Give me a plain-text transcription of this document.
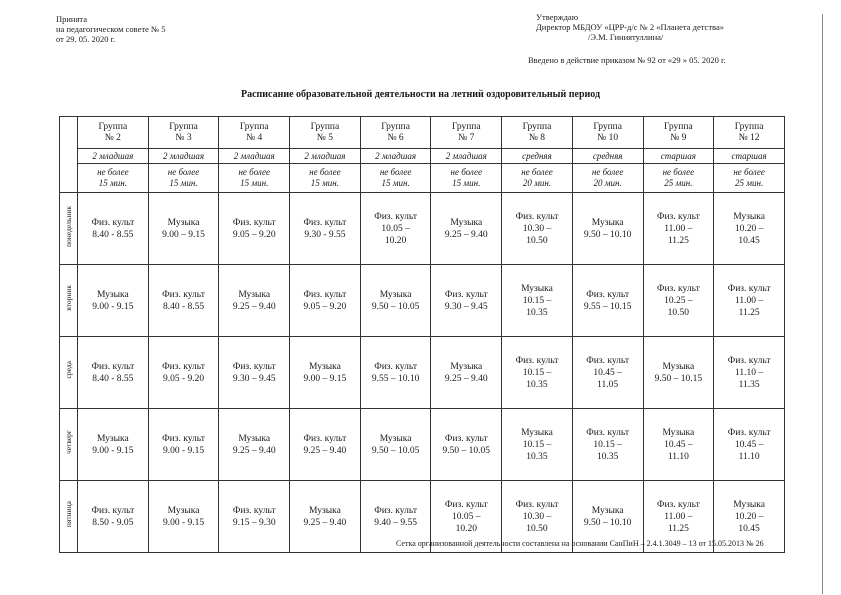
Принята
на педагогическом совете № 5
от 29. 05. 2020 г.
Утверждаю
Директор МБДОУ «ЦРР-д/с № 2 «Планета детства»
/Э.М. Гиниятуллина/
Введено в действие приказом № 92 от «29 » 05. 2020 г.
Расписание образовательной деятельности на летний оздоровительный период

	Группа
№ 2	Группа
№ 3	Группа
№ 4	Группа
№ 5	Группа
№ 6	Группа
№ 7	Группа
№ 8	Группа
№ 10	Группа
№ 9	Группа
№ 12

	2 младшая	2 младшая	2 младшая	2 младшая	2 младшая	2 младшая	средняя	средняя	старшая	старшая

	не более
15 мин.	не более
15 мин.	не более
15 мин.	не более
15 мин.	не более
15 мин.	не более
15 мин.	не более
20 мин.	не более
20 мин.	не более
25 мин.	не более
25 мин.

понедельник	Физ. культ
8.40 - 8.55	Музыка
9.00 – 9.15	Физ. культ
9.05 – 9.20	Физ. культ
9.30 - 9.55	Физ. культ
10.05 –
10.20	Музыка
9.25 – 9.40	Физ. культ
10.30 –
10.50	Музыка
9.50 – 10.10	Физ. культ
11.00 –
11.25	Музыка
10.20 –
10.45

вторник	Музыка
9.00 - 9.15	Физ. культ
8.40 - 8.55	Музыка
9.25 – 9.40	Физ. культ
9.05 – 9.20	Музыка
9.50 – 10.05	Физ. культ
9.30 – 9.45	Музыка
10.15 –
10.35	Физ. культ
9.55 – 10.15	Физ. культ
10.25 –
10.50	Физ. культ
11.00 –
11.25

среда	Физ. культ
8.40 - 8.55	Физ. культ
9.05 - 9.20	Физ. культ
9.30 – 9.45	Музыка
9.00 – 9.15	Физ. культ
9.55 – 10.10	Музыка
9.25 – 9.40	Физ. культ
10.15 –
10.35	Физ. культ
10.45 –
11.05	Музыка
9.50 – 10.15	Физ. культ
11.10 –
11.35

четверг	Музыка
9.00 - 9.15	Физ. культ
9.00 - 9.15	Музыка
9.25 – 9.40	Физ. культ
9.25 – 9.40	Музыка
9.50 – 10.05	Физ. культ
9.50 – 10.05	Музыка
10.15 –
10.35	Физ. культ
10.15 –
10.35	Музыка
10.45 –
11.10	Физ. культ
10.45 –
11.10

пятница	Физ. культ
8.50 - 9.05	Музыка
9.00 - 9.15	Физ. культ
9.15 – 9.30	Музыка
9.25 – 9.40	Физ. культ
9.40 – 9.55	Физ. культ
10.05 –
10.20	Физ. культ
10.30 –
10.50	Музыка
9.50 – 10.10	Физ. культ
11.00 –
11.25	Музыка
10.20 –
10.45
Сетка организованной деятельности составлена на основании СанПиН – 2.4.1.3049 – 13 от 15.05.2013 № 26
